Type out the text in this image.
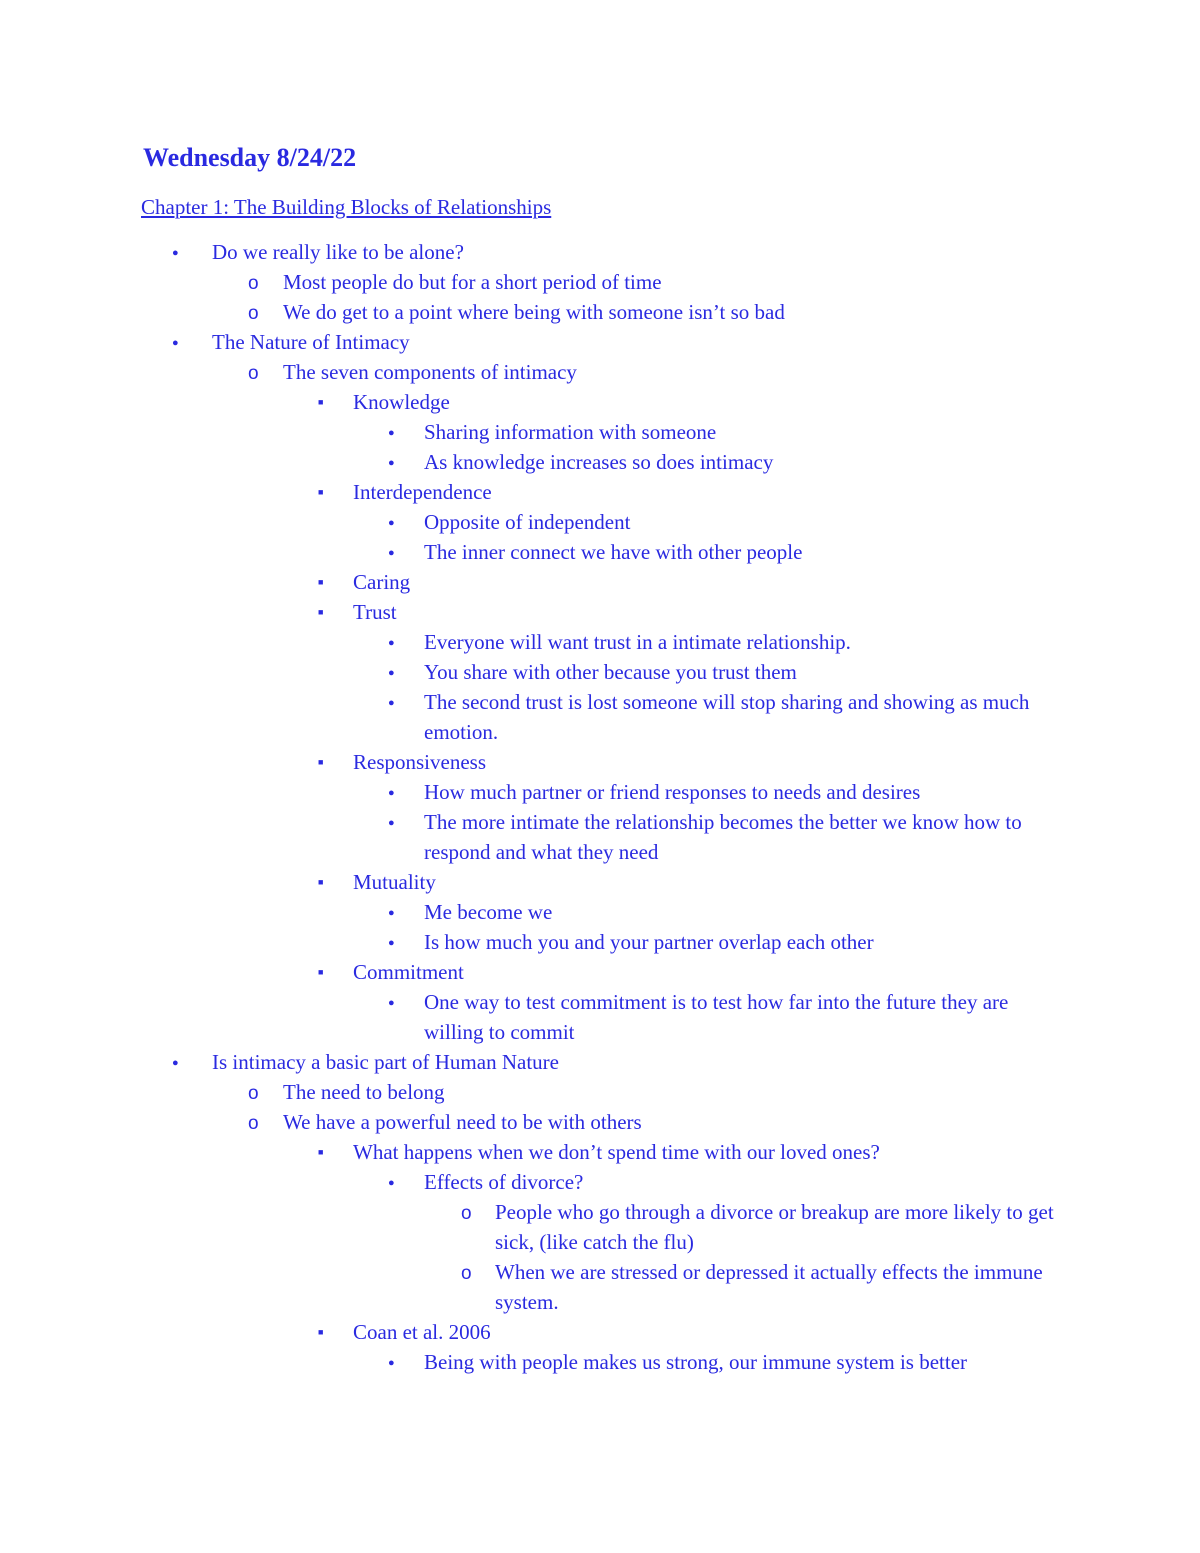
Wednesday 8/24/22

Chapter 1: The Building Blocks of Relationships

●
Do we really like to be alone?
o
Most people do but for a short period of time
o
We do get to a point where being with someone isn’t so bad
●
The Nature of Intimacy
o
The seven components of intimacy
■
Knowledge
●
Sharing information with someone
●
As knowledge increases so does intimacy
■
Interdependence
●
Opposite of independent
●
The inner connect we have with other people
■
Caring
■
Trust
●
Everyone will want trust in a intimate relationship.
●
You share with other because you trust them
●
The second trust is lost someone will stop sharing and showing as much emotion.
■
Responsiveness
●
How much partner or friend responses to needs and desires
●
The more intimate the relationship becomes the better we know how to respond and what they need
■
Mutuality
●
Me become we
●
Is how much you and your partner overlap each other
■
Commitment
●
One way to test commitment is to test how far into the future they are willing to commit
●
Is intimacy a basic part of Human Nature
o
The need to belong
o
We have a powerful need to be with others
■
What happens when we don’t spend time with our loved ones?
●
Effects of divorce?
o
People who go through a divorce or breakup are more likely to get sick, (like catch the flu)
o
When we are stressed or depressed it actually effects the immune system.
■
Coan et al. 2006
●
Being with people makes us strong, our immune system is better
